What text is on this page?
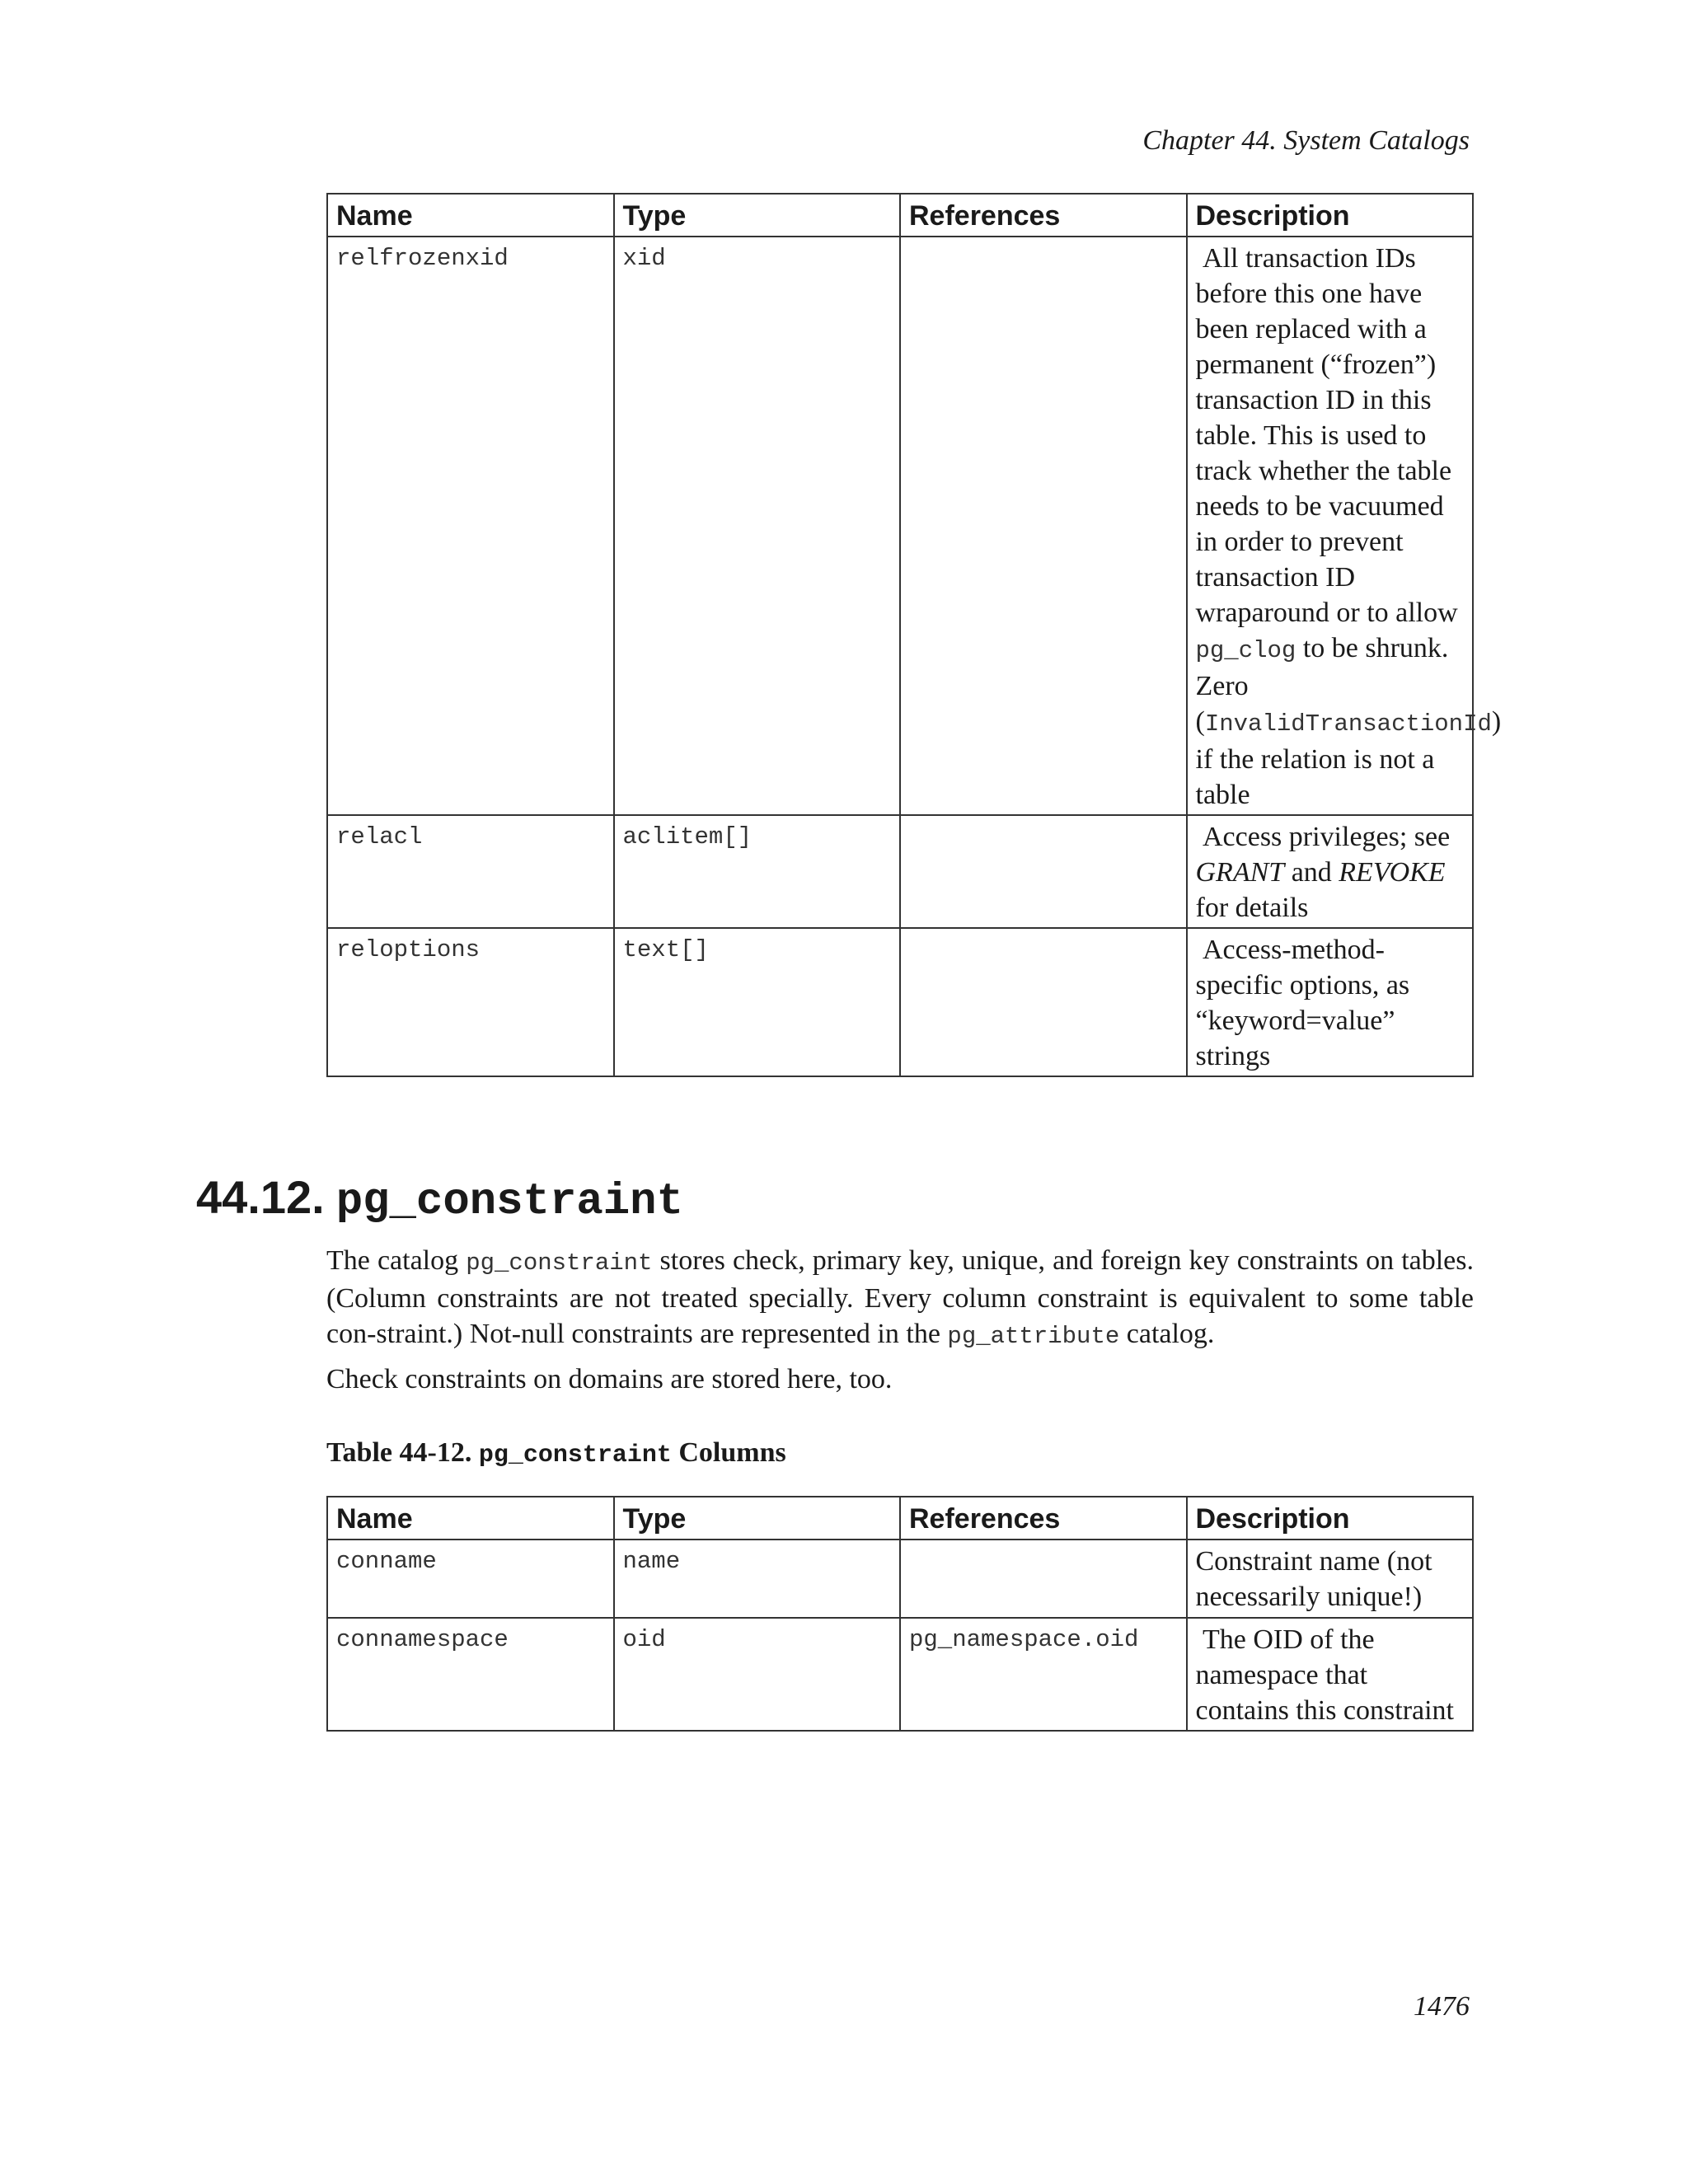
Chapter 44. System Catalogs
Name	Type	References	Description
relfrozenxid	xid		All transaction IDs before this one have been replaced with a permanent (“frozen”) transaction ID in this table. This is used to track whether the table needs to be vacuumed in order to prevent transaction ID wraparound or to allow pg_clog to be shrunk. Zero (InvalidTransactionId) if the relation is not a table
relacl	aclitem[]		Access privileges; see GRANT and REVOKE for details
reloptions	text[]		Access-method-specific options, as “keyword=value” strings
44.12. pg_constraint

The catalog pg_constraint stores check, primary key, unique, and foreign key constraints on tables. (Column constraints are not treated specially. Every column constraint is equivalent to some table con-straint.) Not-null constraints are represented in the pg_attribute catalog.

Check constraints on domains are stored here, too.

Table 44-12. pg_constraint Columns

Name	Type	References	Description
conname	name		Constraint name (not necessarily unique!)
connamespace	oid	pg_namespace.oid	The OID of the namespace that contains this constraint
1476
